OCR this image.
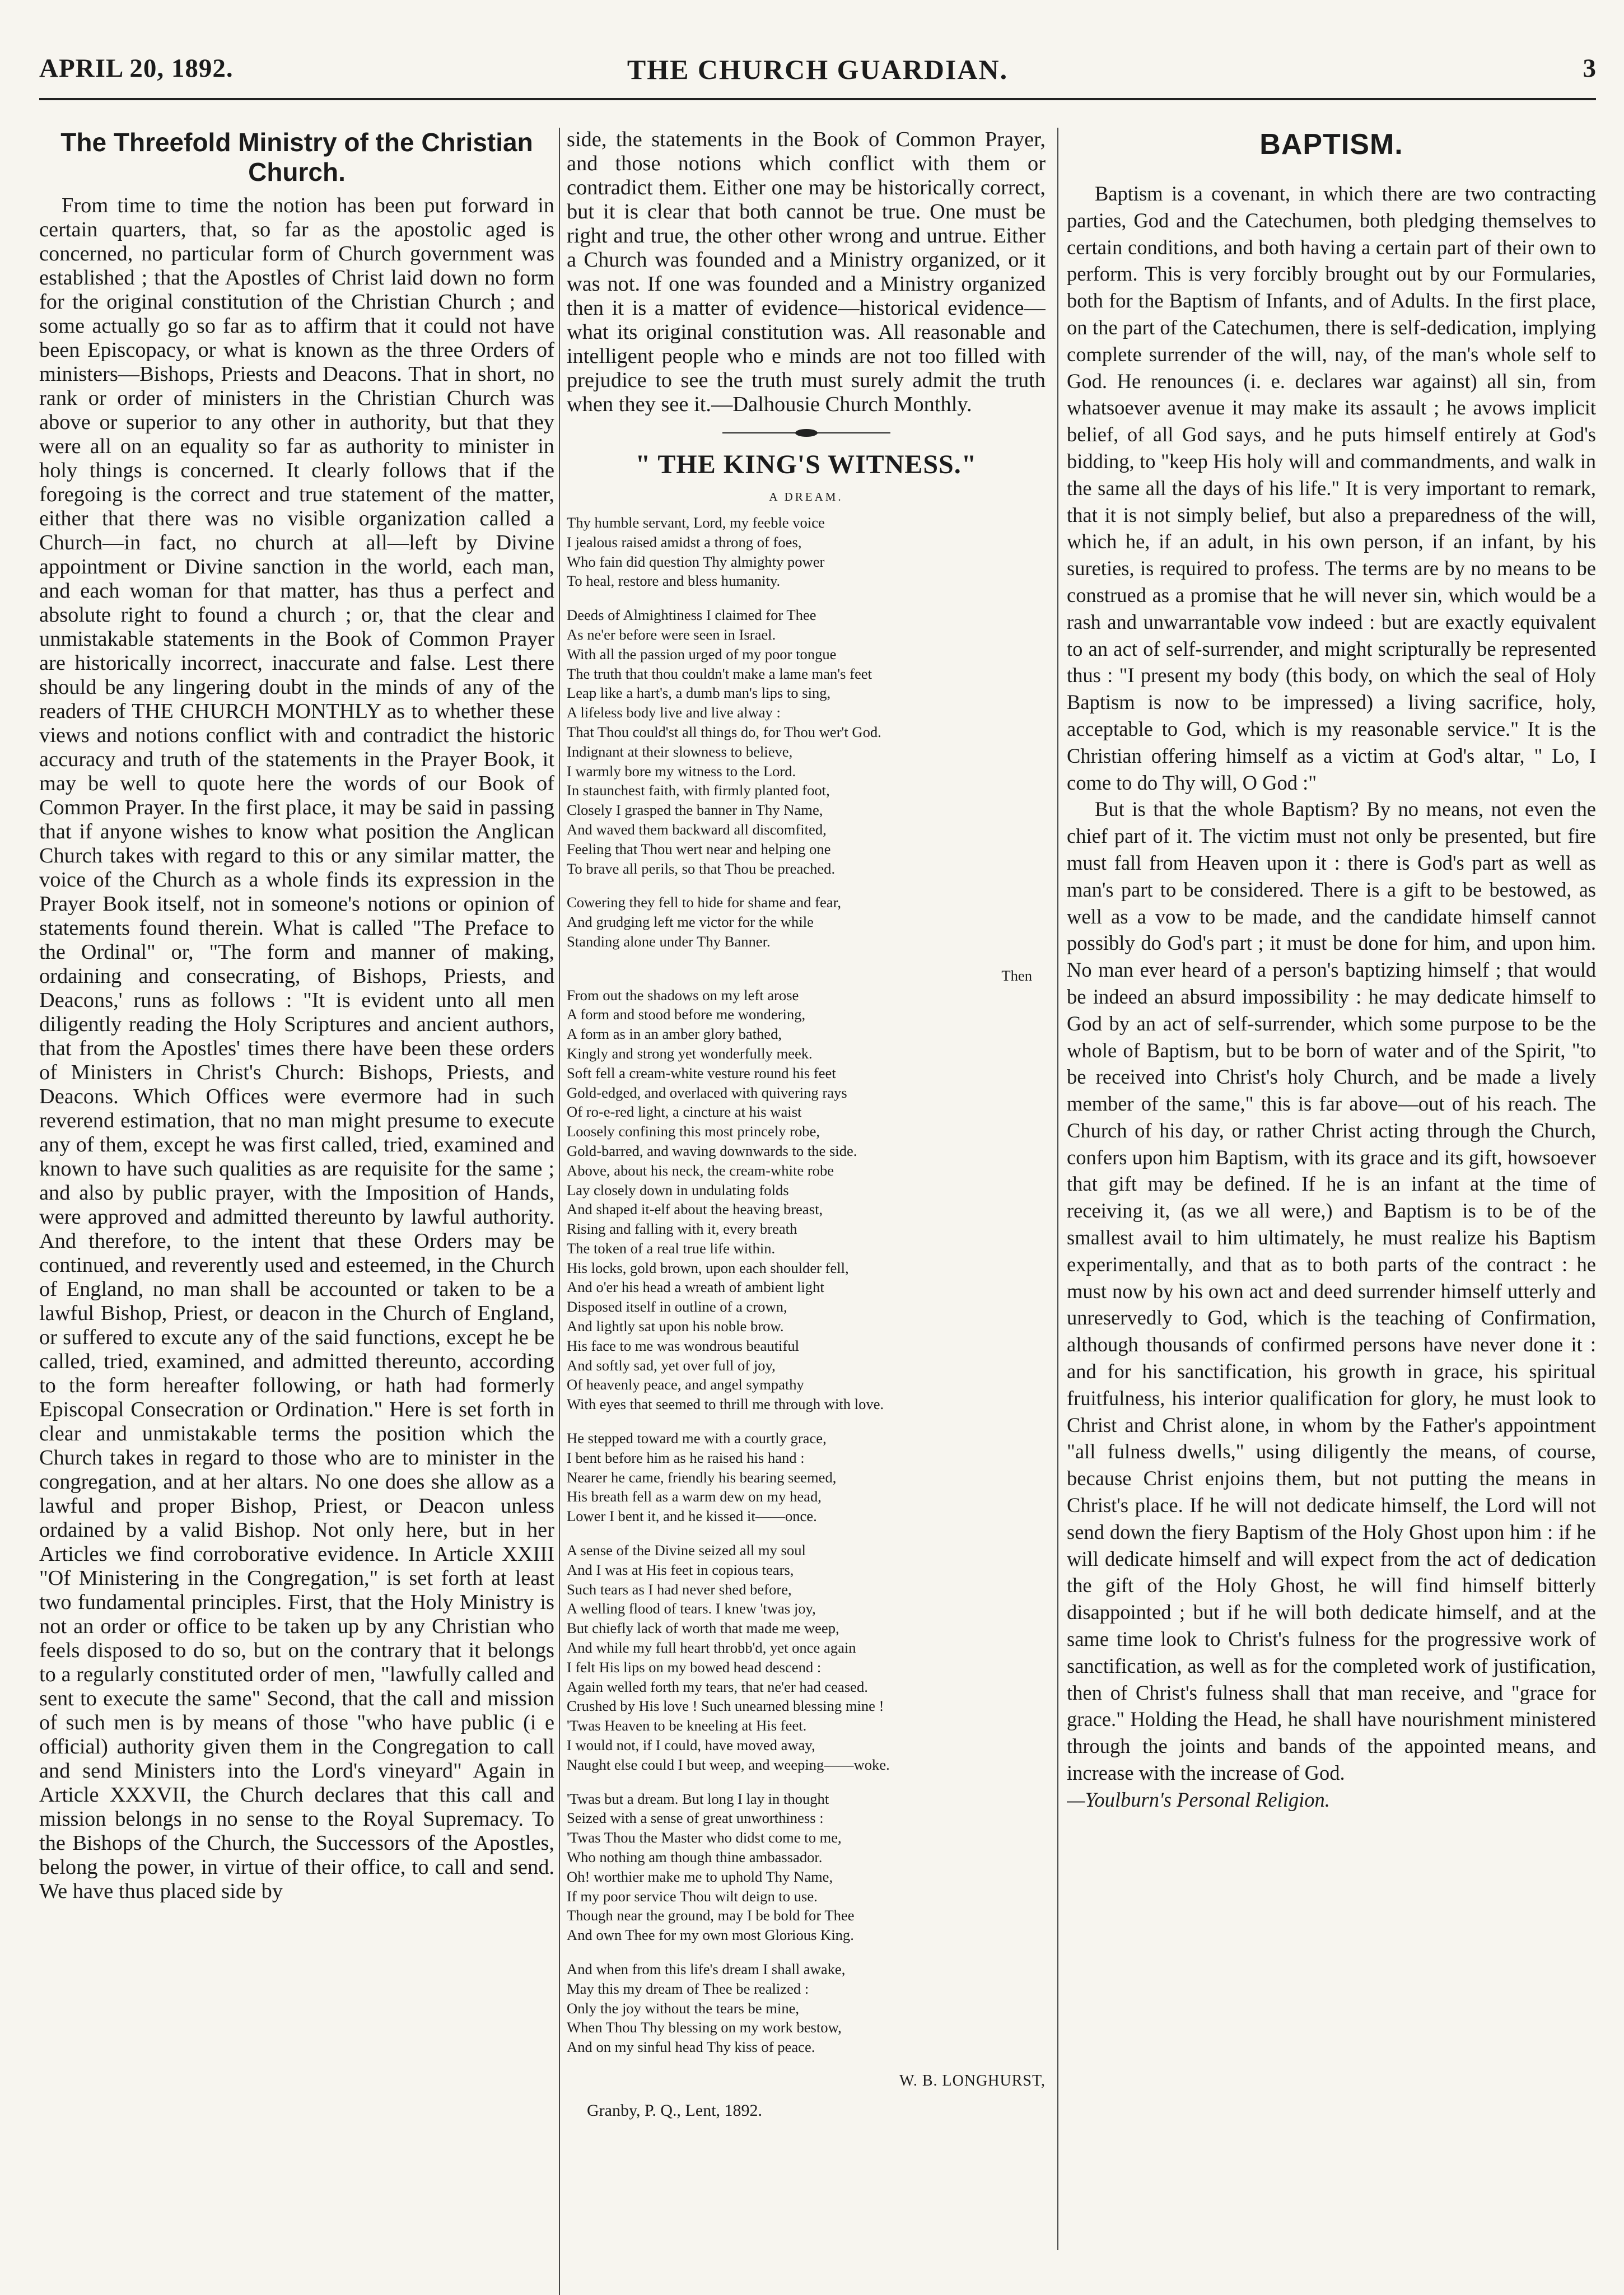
APRIL 20, 1892.	THE CHURCH GUARDIAN.	3
The Threefold Ministry of the Christian Church.

From time to time the notion has been put forward in certain quarters, that, so far as the apostolic aged is concerned, no particular form of Church government was established ; that the Apostles of Christ laid down no form for the original constitution of the Christian Church ; and some actually go so far as to affirm that it could not have been Episcopacy, or what is known as the three Orders of ministers—Bishops, Priests and Deacons. That in short, no rank or order of ministers in the Christian Church was above or superior to any other in authority, but that they were all on an equality so far as authority to minister in holy things is concerned. It clearly follows that if the foregoing is the correct and true statement of the matter, either that there was no visible organization called a Church—in fact, no church at all—left by Divine appointment or Divine sanction in the world, each man, and each woman for that matter, has thus a perfect and absolute right to found a church ; or, that the clear and unmistakable statements in the Book of Common Prayer are historically incorrect, inaccurate and false. Lest there should be any lingering doubt in the minds of any of the readers of THE CHURCH MONTHLY as to whether these views and notions conflict with and contradict the historic accuracy and truth of the statements in the Prayer Book, it may be well to quote here the words of our Book of Common Prayer. In the first place, it may be said in passing that if anyone wishes to know what position the Anglican Church takes with regard to this or any similar matter, the voice of the Church as a whole finds its expression in the Prayer Book itself, not in someone's notions or opinion of statements found therein. What is called "The Preface to the Ordinal" or, "The form and manner of making, ordaining and consecrating, of Bishops, Priests, and Deacons,' runs as follows : "It is evident unto all men diligently reading the Holy Scriptures and ancient authors, that from the Apostles' times there have been these orders of Ministers in Christ's Church: Bishops, Priests, and Deacons. Which Offices were evermore had in such reverend estimation, that no man might presume to execute any of them, except he was first called, tried, examined and known to have such qualities as are requisite for the same ; and also by public prayer, with the Imposition of Hands, were approved and admitted thereunto by lawful authority. And therefore, to the intent that these Orders may be continued, and reverently used and esteemed, in the Church of England, no man shall be accounted or taken to be a lawful Bishop, Priest, or deacon in the Church of England, or suffered to excute any of the said functions, except he be called, tried, examined, and admitted thereunto, according to the form hereafter following, or hath had formerly Episcopal Consecration or Ordination." Here is set forth in clear and unmistakable terms the position which the Church takes in regard to those who are to minister in the congregation, and at her altars. No one does she allow as a lawful and proper Bishop, Priest, or Deacon unless ordained by a valid Bishop. Not only here, but in her Articles we find corroborative evidence. In Article XXIII "Of Ministering in the Congregation," is set forth at least two fundamental principles. First, that the Holy Ministry is not an order or office to be taken up by any Christian who feels disposed to do so, but on the contrary that it belongs to a regularly constituted order of men, "lawfully called and sent to execute the same" Second, that the call and mission of such men is by means of those "who have public (i e official) authority given them in the Congregation to call and send Ministers into the Lord's vineyard" Again in Article XXXVII, the Church declares that this call and mission belongs in no sense to the Royal Supremacy. To the Bishops of the Church, the Successors of the Apostles, belong the power, in virtue of their office, to call and send. We have thus placed side by

side, the statements in the Book of Common Prayer, and those notions which conflict with them or contradict them. Either one may be historically correct, but it is clear that both cannot be true. One must be right and true, the other other wrong and untrue. Either a Church was founded and a Ministry organized, or it was not. If one was founded and a Ministry organized then it is a matter of evidence—historical evidence—what its original constitution was. All reasonable and intelligent people who e minds are not too filled with prejudice to see the truth must surely admit the truth when they see it.—Dalhousie Church Monthly.

" THE KING'S WITNESS."
A DREAM.
Thy humble servant, Lord, my feeble voice
I jealous raised amidst a throng of foes,
Who fain did question Thy almighty power
To heal, restore and bless humanity.
Deeds of Almightiness I claimed for Thee
As ne'er before were seen in Israel.
With all the passion urged of my poor tongue
The truth that thou couldn't make a lame man's feet
Leap like a hart's, a dumb man's lips to sing,
A lifeless body live and live alway :
That Thou could'st all things do, for Thou wer't God.
Indignant at their slowness to believe,
I warmly bore my witness to the Lord.
In staunchest faith, with firmly planted foot,
Closely I grasped the banner in Thy Name,
And waved them backward all discomfited,
Feeling that Thou wert near and helping one
To brave all perils, so that Thou be preached.
Cowering they fell to hide for shame and fear,
And grudging left me victor for the while
Standing alone under Thy Banner.
Then
From out the shadows on my left arose
A form and stood before me wondering,
A form as in an amber glory bathed,
Kingly and strong yet wonderfully meek.
Soft fell a cream-white vesture round his feet
Gold-edged, and overlaced with quivering rays
Of ro-e-red light, a cincture at his waist
Loosely confining this most princely robe,
Gold-barred, and waving downwards to the side.
Above, about his neck, the cream-white robe
Lay closely down in undulating folds
And shaped it-elf about the heaving breast,
Rising and falling with it, every breath
The token of a real true life within.
His locks, gold brown, upon each shoulder fell,
And o'er his head a wreath of ambient light
Disposed itself in outline of a crown,
And lightly sat upon his noble brow.
His face to me was wondrous beautiful
And softly sad, yet over full of joy,
Of heavenly peace, and angel sympathy
With eyes that seemed to thrill me through with love.
He stepped toward me with a courtly grace,
I bent before him as he raised his hand :
Nearer he came, friendly his bearing seemed,
His breath fell as a warm dew on my head,
Lower I bent it, and he kissed it——once.
A sense of the Divine seized all my soul
And I was at His feet in copious tears,
Such tears as I had never shed before,
A welling flood of tears. I knew 'twas joy,
But chiefly lack of worth that made me weep,
And while my full heart throbb'd, yet once again
I felt His lips on my bowed head descend :
Again welled forth my tears, that ne'er had ceased.
Crushed by His love ! Such unearned blessing mine !
'Twas Heaven to be kneeling at His feet.
I would not, if I could, have moved away,
Naught else could I but weep, and weeping——woke.
'Twas but a dream. But long I lay in thought
Seized with a sense of great unworthiness :
'Twas Thou the Master who didst come to me,
Who nothing am though thine ambassador.
Oh! worthier make me to uphold Thy Name,
If my poor service Thou wilt deign to use.
Though near the ground, may I be bold for Thee
And own Thee for my own most Glorious King.
And when from this life's dream I shall awake,
May this my dream of Thee be realized :
Only the joy without the tears be mine,
When Thou Thy blessing on my work bestow,
And on my sinful head Thy kiss of peace.
W. B. LONGHURST,
Granby, P. Q., Lent, 1892.
BAPTISM.

Baptism is a covenant, in which there are two contracting parties, God and the Catechumen, both pledging themselves to certain conditions, and both having a certain part of their own to perform. This is very forcibly brought out by our Formularies, both for the Baptism of Infants, and of Adults. In the first place, on the part of the Catechumen, there is self-dedication, implying complete surrender of the will, nay, of the man's whole self to God. He renounces (i. e. declares war against) all sin, from whatsoever avenue it may make its assault ; he avows implicit belief, of all God says, and he puts himself entirely at God's bidding, to "keep His holy will and commandments, and walk in the same all the days of his life." It is very important to remark, that it is not simply belief, but also a preparedness of the will, which he, if an adult, in his own person, if an infant, by his sureties, is required to profess. The terms are by no means to be construed as a promise that he will never sin, which would be a rash and unwarrantable vow indeed : but are exactly equivalent to an act of self-surrender, and might scripturally be represented thus : "I present my body (this body, on which the seal of Holy Baptism is now to be impressed) a living sacrifice, holy, acceptable to God, which is my reasonable service." It is the Christian offering himself as a victim at God's altar, " Lo, I come to do Thy will, O God :"

But is that the whole Baptism? By no means, not even the chief part of it. The victim must not only be presented, but fire must fall from Heaven upon it : there is God's part as well as man's part to be considered. There is a gift to be bestowed, as well as a vow to be made, and the candidate himself cannot possibly do God's part ; it must be done for him, and upon him. No man ever heard of a person's baptizing himself ; that would be indeed an absurd impossibility : he may dedicate himself to God by an act of self-surrender, which some purpose to be the whole of Baptism, but to be born of water and of the Spirit, "to be received into Christ's holy Church, and be made a lively member of the same," this is far above—out of his reach. The Church of his day, or rather Christ acting through the Church, confers upon him Baptism, with its grace and its gift, howsoever that gift may be defined. If he is an infant at the time of receiving it, (as we all were,) and Baptism is to be of the smallest avail to him ultimately, he must realize his Baptism experimentally, and that as to both parts of the contract : he must now by his own act and deed surrender himself utterly and unreservedly to God, which is the teaching of Confirmation, although thousands of confirmed persons have never done it : and for his sanctification, his growth in grace, his spiritual fruitfulness, his interior qualification for glory, he must look to Christ and Christ alone, in whom by the Father's appointment "all fulness dwells," using diligently the means, of course, because Christ enjoins them, but not putting the means in Christ's place. If he will not dedicate himself, the Lord will not send down the fiery Baptism of the Holy Ghost upon him : if he will dedicate himself and will expect from the act of dedication the gift of the Holy Ghost, he will find himself bitterly disappointed ; but if he will both dedicate himself, and at the same time look to Christ's fulness for the progressive work of sanctification, as well as for the completed work of justification, then of Christ's fulness shall that man receive, and "grace for grace." Holding the Head, he shall have nourishment ministered through the joints and bands of the appointed means, and increase with the increase of God.

—Youlburn's Personal Religion.
